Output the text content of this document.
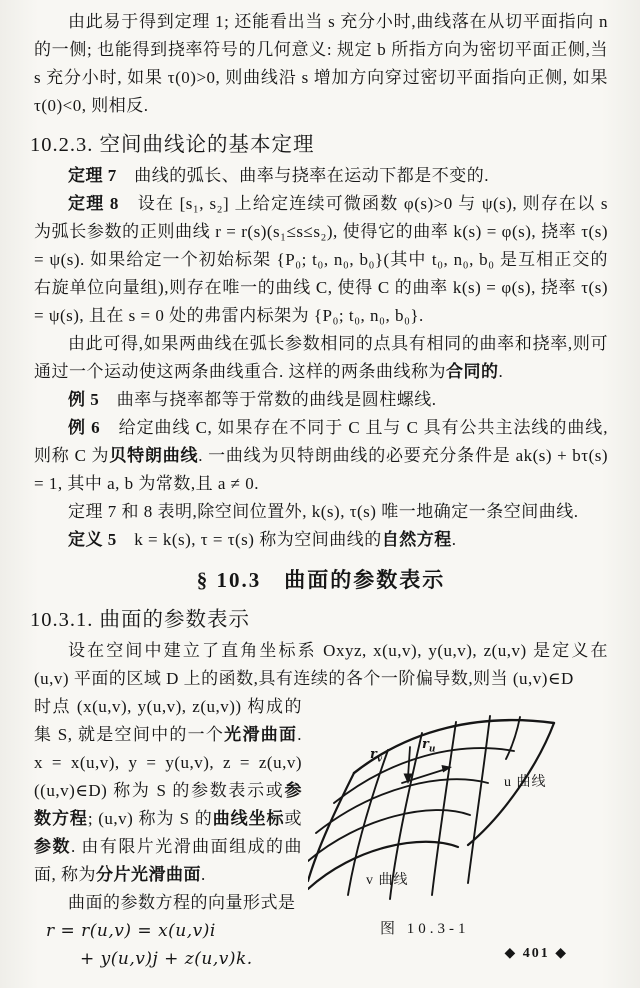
由此易于得到定理 1; 还能看出当 s 充分小时,曲线落在从切平面指向 n 的一侧; 也能得到挠率符号的几何意义: 规定 b 所指方向为密切平面正侧,当 s 充分小时, 如果 τ(0)>0, 则曲线沿 s 增加方向穿过密切平面指向正侧, 如果 τ(0)<0, 则相反.

10.2.3. 空间曲线论的基本定理

定理 7　曲线的弧长、曲率与挠率在运动下都是不变的.

定理 8　设在 [s₁, s₂] 上给定连续可微函数 φ(s)>0 与 ψ(s), 则存在以 s 为弧长参数的正则曲线 r = r(s)(s₁≤s≤s₂), 使得它的曲率 k(s) = φ(s), 挠率 τ(s) = ψ(s). 如果给定一个初始标架 {P₀; t₀, n₀, b₀}(其中 t₀, n₀, b₀ 是互相正交的右旋单位向量组),则存在唯一的曲线 C, 使得 C 的曲率 k(s) = φ(s), 挠率 τ(s) = ψ(s), 且在 s = 0 处的弗雷内标架为 {P₀; t₀, n₀, b₀}.

由此可得,如果两曲线在弧长参数相同的点具有相同的曲率和挠率,则可通过一个运动使这两条曲线重合. 这样的两条曲线称为合同的.

例 5　曲率与挠率都等于常数的曲线是圆柱螺线.

例 6　给定曲线 C, 如果存在不同于 C 且与 C 具有公共主法线的曲线,则称 C 为贝特朗曲线. 一曲线为贝特朗曲线的必要充分条件是 ak(s) + bτ(s) = 1, 其中 a, b 为常数,且 a ≠ 0.

定理 7 和 8 表明,除空间位置外, k(s), τ(s) 唯一地确定一条空间曲线.

定义 5　k = k(s), τ = τ(s) 称为空间曲线的自然方程.

§ 10.3　曲面的参数表示
10.3.1. 曲面的参数表示

设在空间中建立了直角坐标系 Oxyz, x(u,v), y(u,v), z(u,v) 是定义在 (u,v) 平面的区域 D 上的函数,具有连续的各个一阶偏导数,则当 (u,v)∈D

$r_v$
$r_u$
u 曲线
v 曲线
图 10.3-1

时点 (x(u,v), y(u,v), z(u,v)) 构成的集 S, 就是空间中的一个光滑曲面. x = x(u,v), y = y(u,v), z = z(u,v)((u,v)∈D) 称为 S 的参数表示或参数方程; (u,v) 称为 S 的曲线坐标或参数. 由有限片光滑曲面组成的曲面, 称为分片光滑曲面.

曲面的参数方程的向量形式是

r = r(u,v) = x(u,v)i
+ y(u,v)j + z(u,v)k.	◆ 401 ◆
